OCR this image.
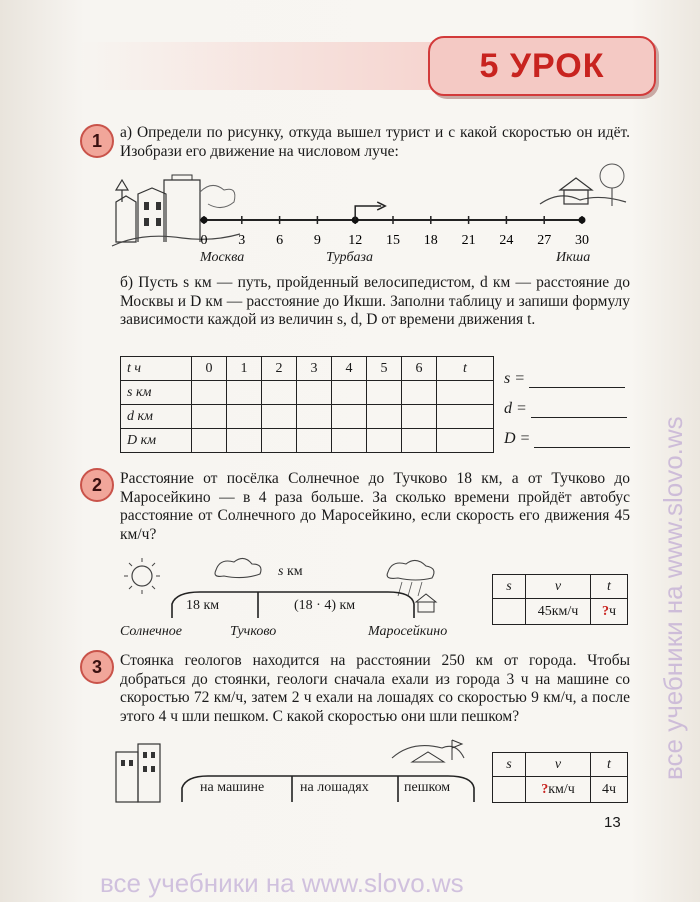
5 УРОК
1	а) Определи по рисунку, откуда вышел турист и с какой скоростью он идёт. Изобрази его движение на числовом луче:
0 3 6 9 12 15 18 21 24 27 30
Москва	Турбаза	Икша
б) Пусть s км — путь, пройденный велосипедистом, d км — расстояние до Москвы и D км — расстояние до Икши. Заполни таблицу и запиши формулу зависимости каждой из величин s, d, D от времени движения t.
t ч	0	1	2	3	4	5	6	t
s км								
d км								
D км								
s =
d =
D =
2	Расстояние от посёлка Солнечное до Тучково 18 км, а от Тучково до Маросейкино — в 4 раза больше. За сколько времени пройдёт автобус расстояние от Солнечного до Маросейкино, если скорость его движения 45 км/ч?
s км
18 км	(18 · 4) км
Солнечное	Тучково	Маросейкино
s	v	t
	45км/ч	?ч
3	Стоянка геологов находится на расстоянии 250 км от города. Чтобы добраться до стоянки, геологи сначала ехали из города 3 ч на машине со скоростью 72 км/ч, затем 2 ч ехали на лошадях со скоростью 9 км/ч, а после этого 4 ч шли пешком. С какой скоростью они шли пешком?
на машине	на лошадях	пешком
s	v	t
	?км/ч	4ч
13
все учебники на www.slovo.ws
все учебники на www.slovo.ws
